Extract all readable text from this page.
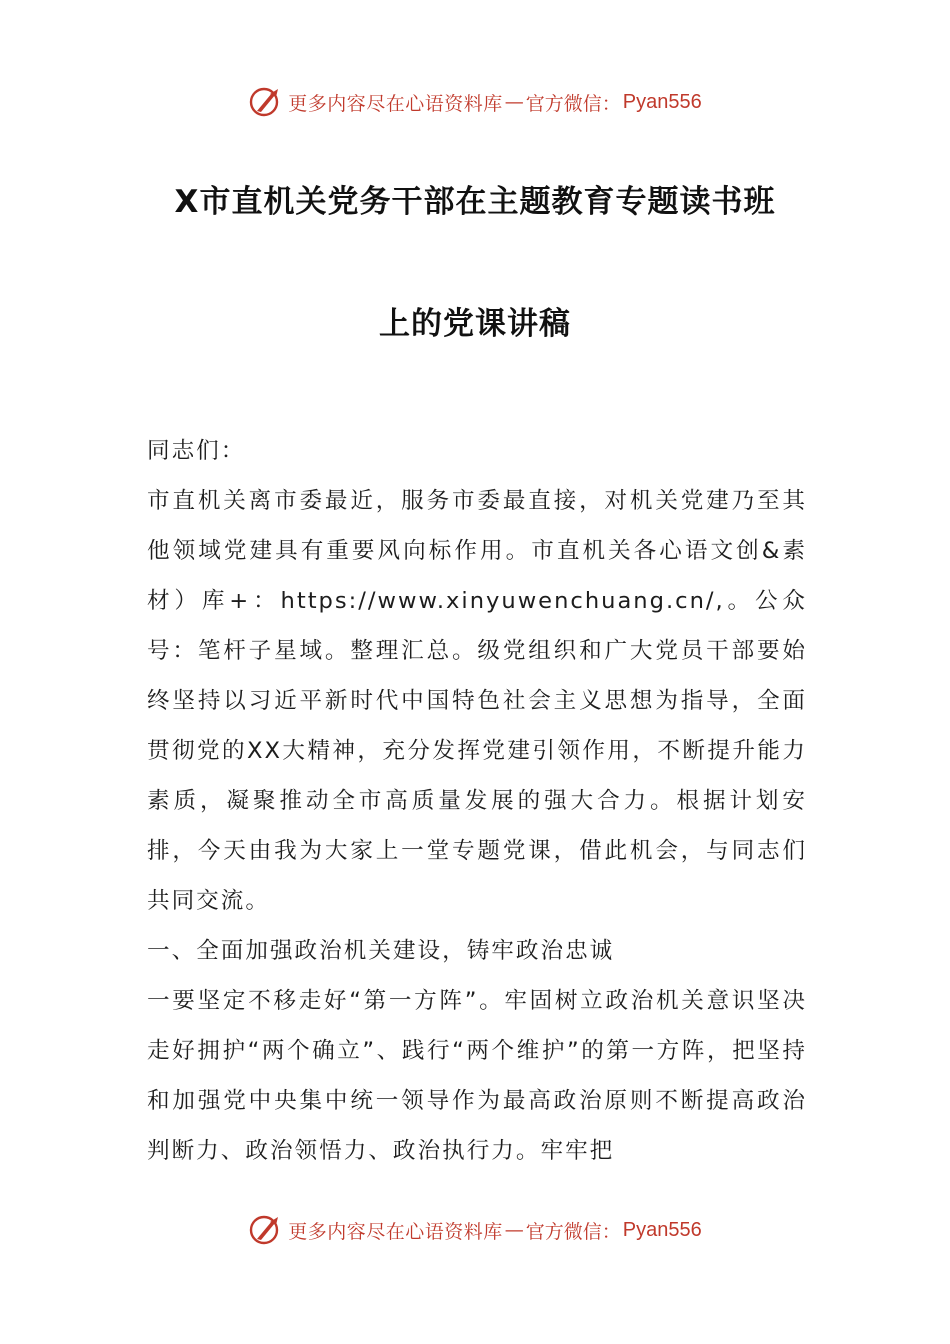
更多内容尽在心语资料库 — 官方微信： Pyan556
X市直机关党务干部在主题教育专题读书班
上的党课讲稿

同志们：

市直机关离市委最近，服务市委最直接，对机关党建乃至其他领域党建具有重要风向标作用。市直机关各心语文创&素材）库+：https://www.xinyuwenchuang.cn/,。公众号：笔杆子星域。整理汇总。级党组织和广大党员干部要始终坚持以习近平新时代中国特色社会主义思想为指导，全面贯彻党的XX大精神，充分发挥党建引领作用，不断提升能力素质，凝聚推动全市高质量发展的强大合力。根据计划安排，今天由我为大家上一堂专题党课，借此机会，与同志们共同交流。

一、全面加强政治机关建设，铸牢政治忠诚

一要坚定不移走好“第一方阵”。牢固树立政治机关意识坚决走好拥护“两个确立”、践行“两个维护”的第一方阵，把坚持和加强党中央集中统一领导作为最高政治原则不断提高政治判断力、政治领悟力、政治执行力。牢牢把

更多内容尽在心语资料库 — 官方微信： Pyan556
